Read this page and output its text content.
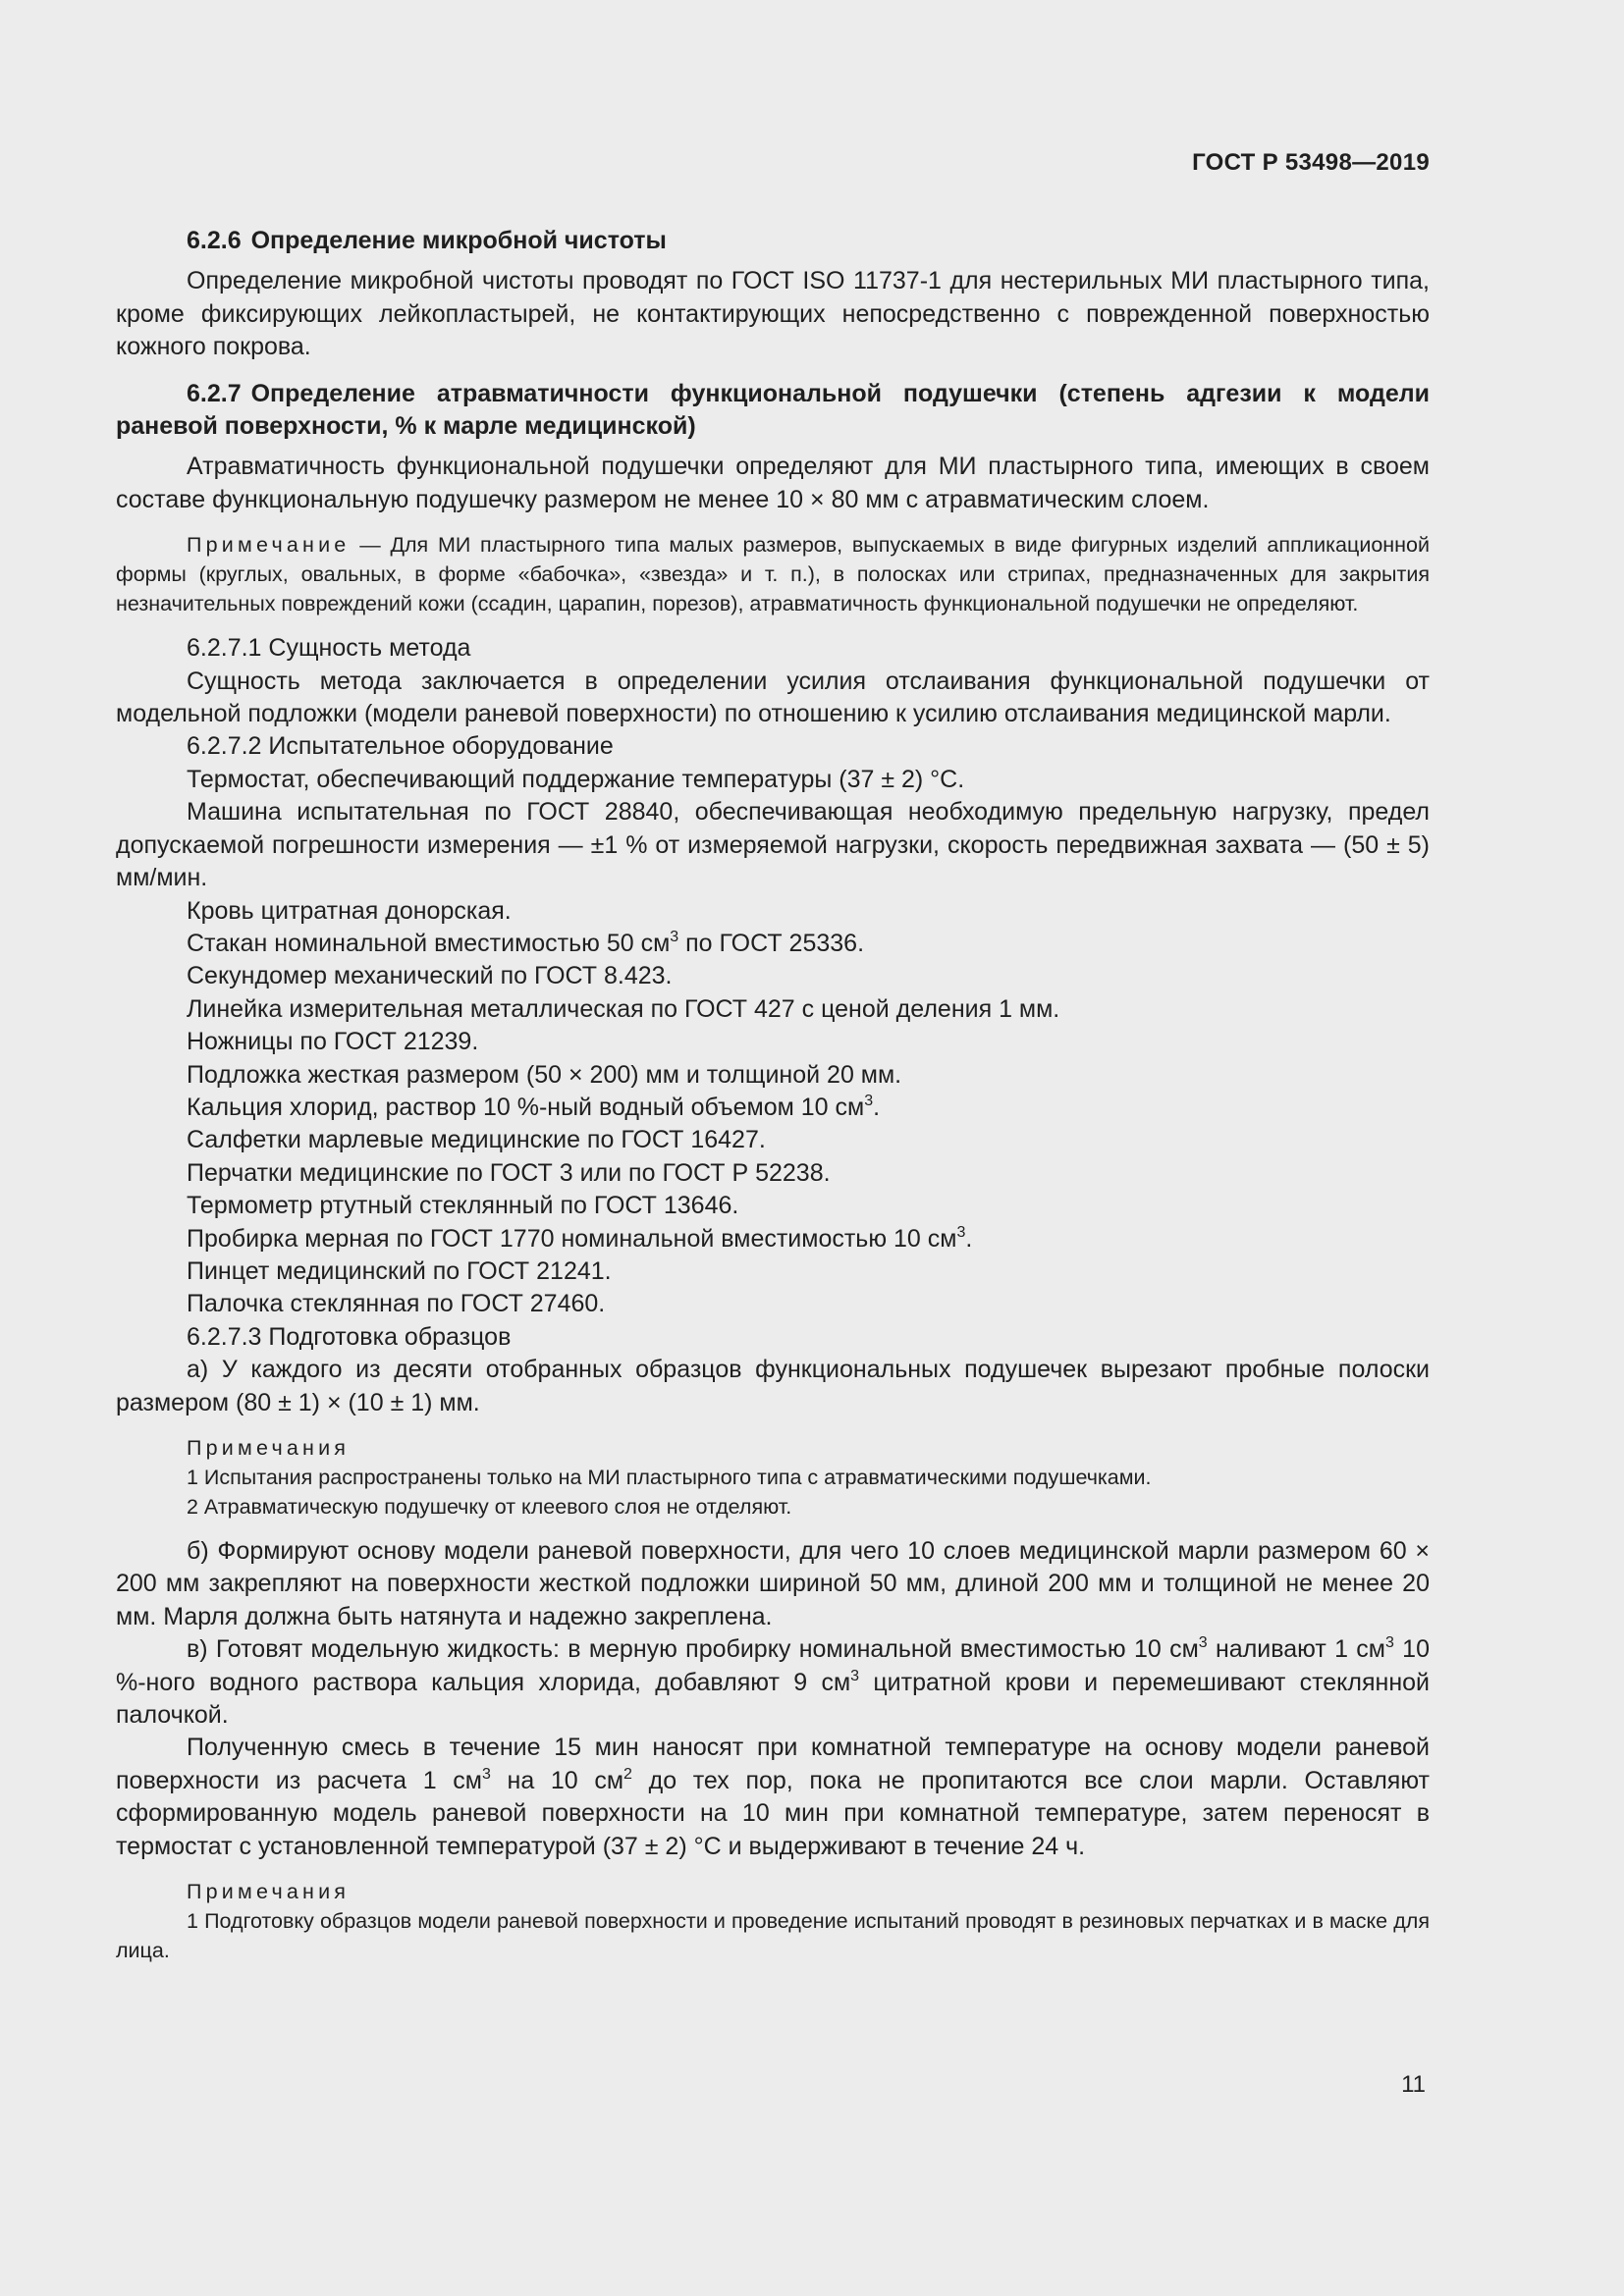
ГОСТ Р 53498—2019

6.2.6 Определение микробной чистоты

Определение микробной чистоты проводят по ГОСТ ISO 11737-1 для нестерильных МИ пластырного типа, кроме фиксирующих лейкопластырей, не контактирующих непосредственно с поврежденной поверхностью кожного покрова.

6.2.7 Определение атравматичности функциональной подушечки (степень адгезии к модели раневой поверхности, % к марле медицинской)

Атравматичность функциональной подушечки определяют для МИ пластырного типа, имеющих в своем составе функциональную подушечку размером не менее 10 × 80 мм с атравматическим слоем.

Примечание — Для МИ пластырного типа малых размеров, выпускаемых в виде фигурных изделий аппликационной формы (круглых, овальных, в форме «бабочка», «звезда» и т. п.), в полосках или стрипах, предназначенных для закрытия незначительных повреждений кожи (ссадин, царапин, порезов), атравматичность функциональной подушечки не определяют.

6.2.7.1 Сущность метода

Сущность метода заключается в определении усилия отслаивания функциональной подушечки от модельной подложки (модели раневой поверхности) по отношению к усилию отслаивания медицинской марли.

6.2.7.2 Испытательное оборудование

Термостат, обеспечивающий поддержание температуры (37 ± 2) °С.

Машина испытательная по ГОСТ 28840, обеспечивающая необходимую предельную нагрузку, предел допускаемой погрешности измерения — ±1 % от измеряемой нагрузки, скорость передвижная захвата — (50 ± 5) мм/мин.

Кровь цитратная донорская.

Стакан номинальной вместимостью 50 $см^3$ по ГОСТ 25336.

Секундомер механический по ГОСТ 8.423.

Линейка измерительная металлическая по ГОСТ 427 с ценой деления 1 мм.

Ножницы по ГОСТ 21239.

Подложка жесткая размером (50 × 200) мм и толщиной 20 мм.

Кальция хлорид, раствор 10 %-ный водный объемом 10 $см^3$.

Салфетки марлевые медицинские по ГОСТ 16427.

Перчатки медицинские по ГОСТ 3 или по ГОСТ Р 52238.

Термометр ртутный стеклянный по ГОСТ 13646.

Пробирка мерная по ГОСТ 1770 номинальной вместимостью 10 $см^3$.

Пинцет медицинский по ГОСТ 21241.

Палочка стеклянная по ГОСТ 27460.

6.2.7.3 Подготовка образцов

а) У каждого из десяти отобранных образцов функциональных подушечек вырезают пробные полоски размером (80 ± 1) × (10 ± 1) мм.

Примечания

1 Испытания распространены только на МИ пластырного типа с атравматическими подушечками.

2 Атравматическую подушечку от клеевого слоя не отделяют.

б) Формируют основу модели раневой поверхности, для чего 10 слоев медицинской марли размером 60 × 200 мм закрепляют на поверхности жесткой подложки шириной 50 мм, длиной 200 мм и толщиной не менее 20 мм. Марля должна быть натянута и надежно закреплена.

в) Готовят модельную жидкость: в мерную пробирку номинальной вместимостью 10 $см^3$ наливают 1 $см^3$ 10 %-ного водного раствора кальция хлорида, добавляют 9 $см^3$ цитратной крови и перемешивают стеклянной палочкой.

Полученную смесь в течение 15 мин наносят при комнатной температуре на основу модели раневой поверхности из расчета 1 $см^3$ на 10 $см^2$ до тех пор, пока не пропитаются все слои марли. Оставляют сформированную модель раневой поверхности на 10 мин при комнатной температуре, затем переносят в термостат с установленной температурой (37 ± 2) °С и выдерживают в течение 24 ч.

Примечания

1 Подготовку образцов модели раневой поверхности и проведение испытаний проводят в резиновых перчатках и в маске для лица.

11
